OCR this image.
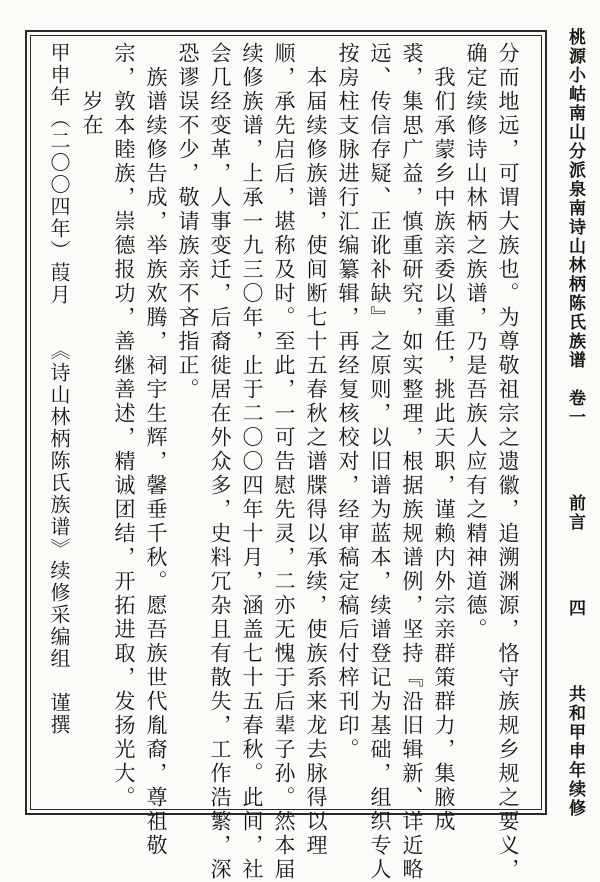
桃源小岵南山分派泉南诗山林柄陈氏族谱　卷一
前言
四
共和甲申年续修
分而地远，可谓大族也。为尊敬祖宗之遗徽，追溯渊源，恪守族规乡规之要义，
确定续修诗山林柄之族谱，乃是吾族人应有之精神道德。
　我们承蒙乡中族亲委以重任，挑此天职，谨赖内外宗亲群策群力，集腋成
裘，集思广益，慎重研究，如实整理，根据族规谱例，坚持『沿旧辑新、详近略
远、传信存疑、正讹补缺』之原则，以旧谱为蓝本，续谱登记为基础，组织专人
按房柱支脉进行汇编纂辑，再经复核校对，经审稿定稿后付梓刊印。
　本届续修族谱，使间断七十五春秋之谱牒得以承续，使族系来龙去脉得以理
顺，承先启后，堪称及时。至此，一可告慰先灵，二亦无愧于后辈子孙。然本届
续修族谱，上承一九三〇年，止于二〇〇四年十月，涵盖七十五春秋。此间，社
会几经变革，人事变迁，后裔徙居在外众多，史料冗杂且有散失，工作浩繁，深
恐谬误不少，敬请族亲不吝指正。
　族谱续修告成，举族欢腾，祠宇生辉，馨垂千秋。愿吾族世代胤裔，尊祖敬
宗，敦本睦族，崇德报功，善继善述，精诚团结，开拓进取，发扬光大。
　　岁在
甲申年（二〇〇四年）葭月　　《诗山林柄陈氏族谱》续修采编组　谨撰
